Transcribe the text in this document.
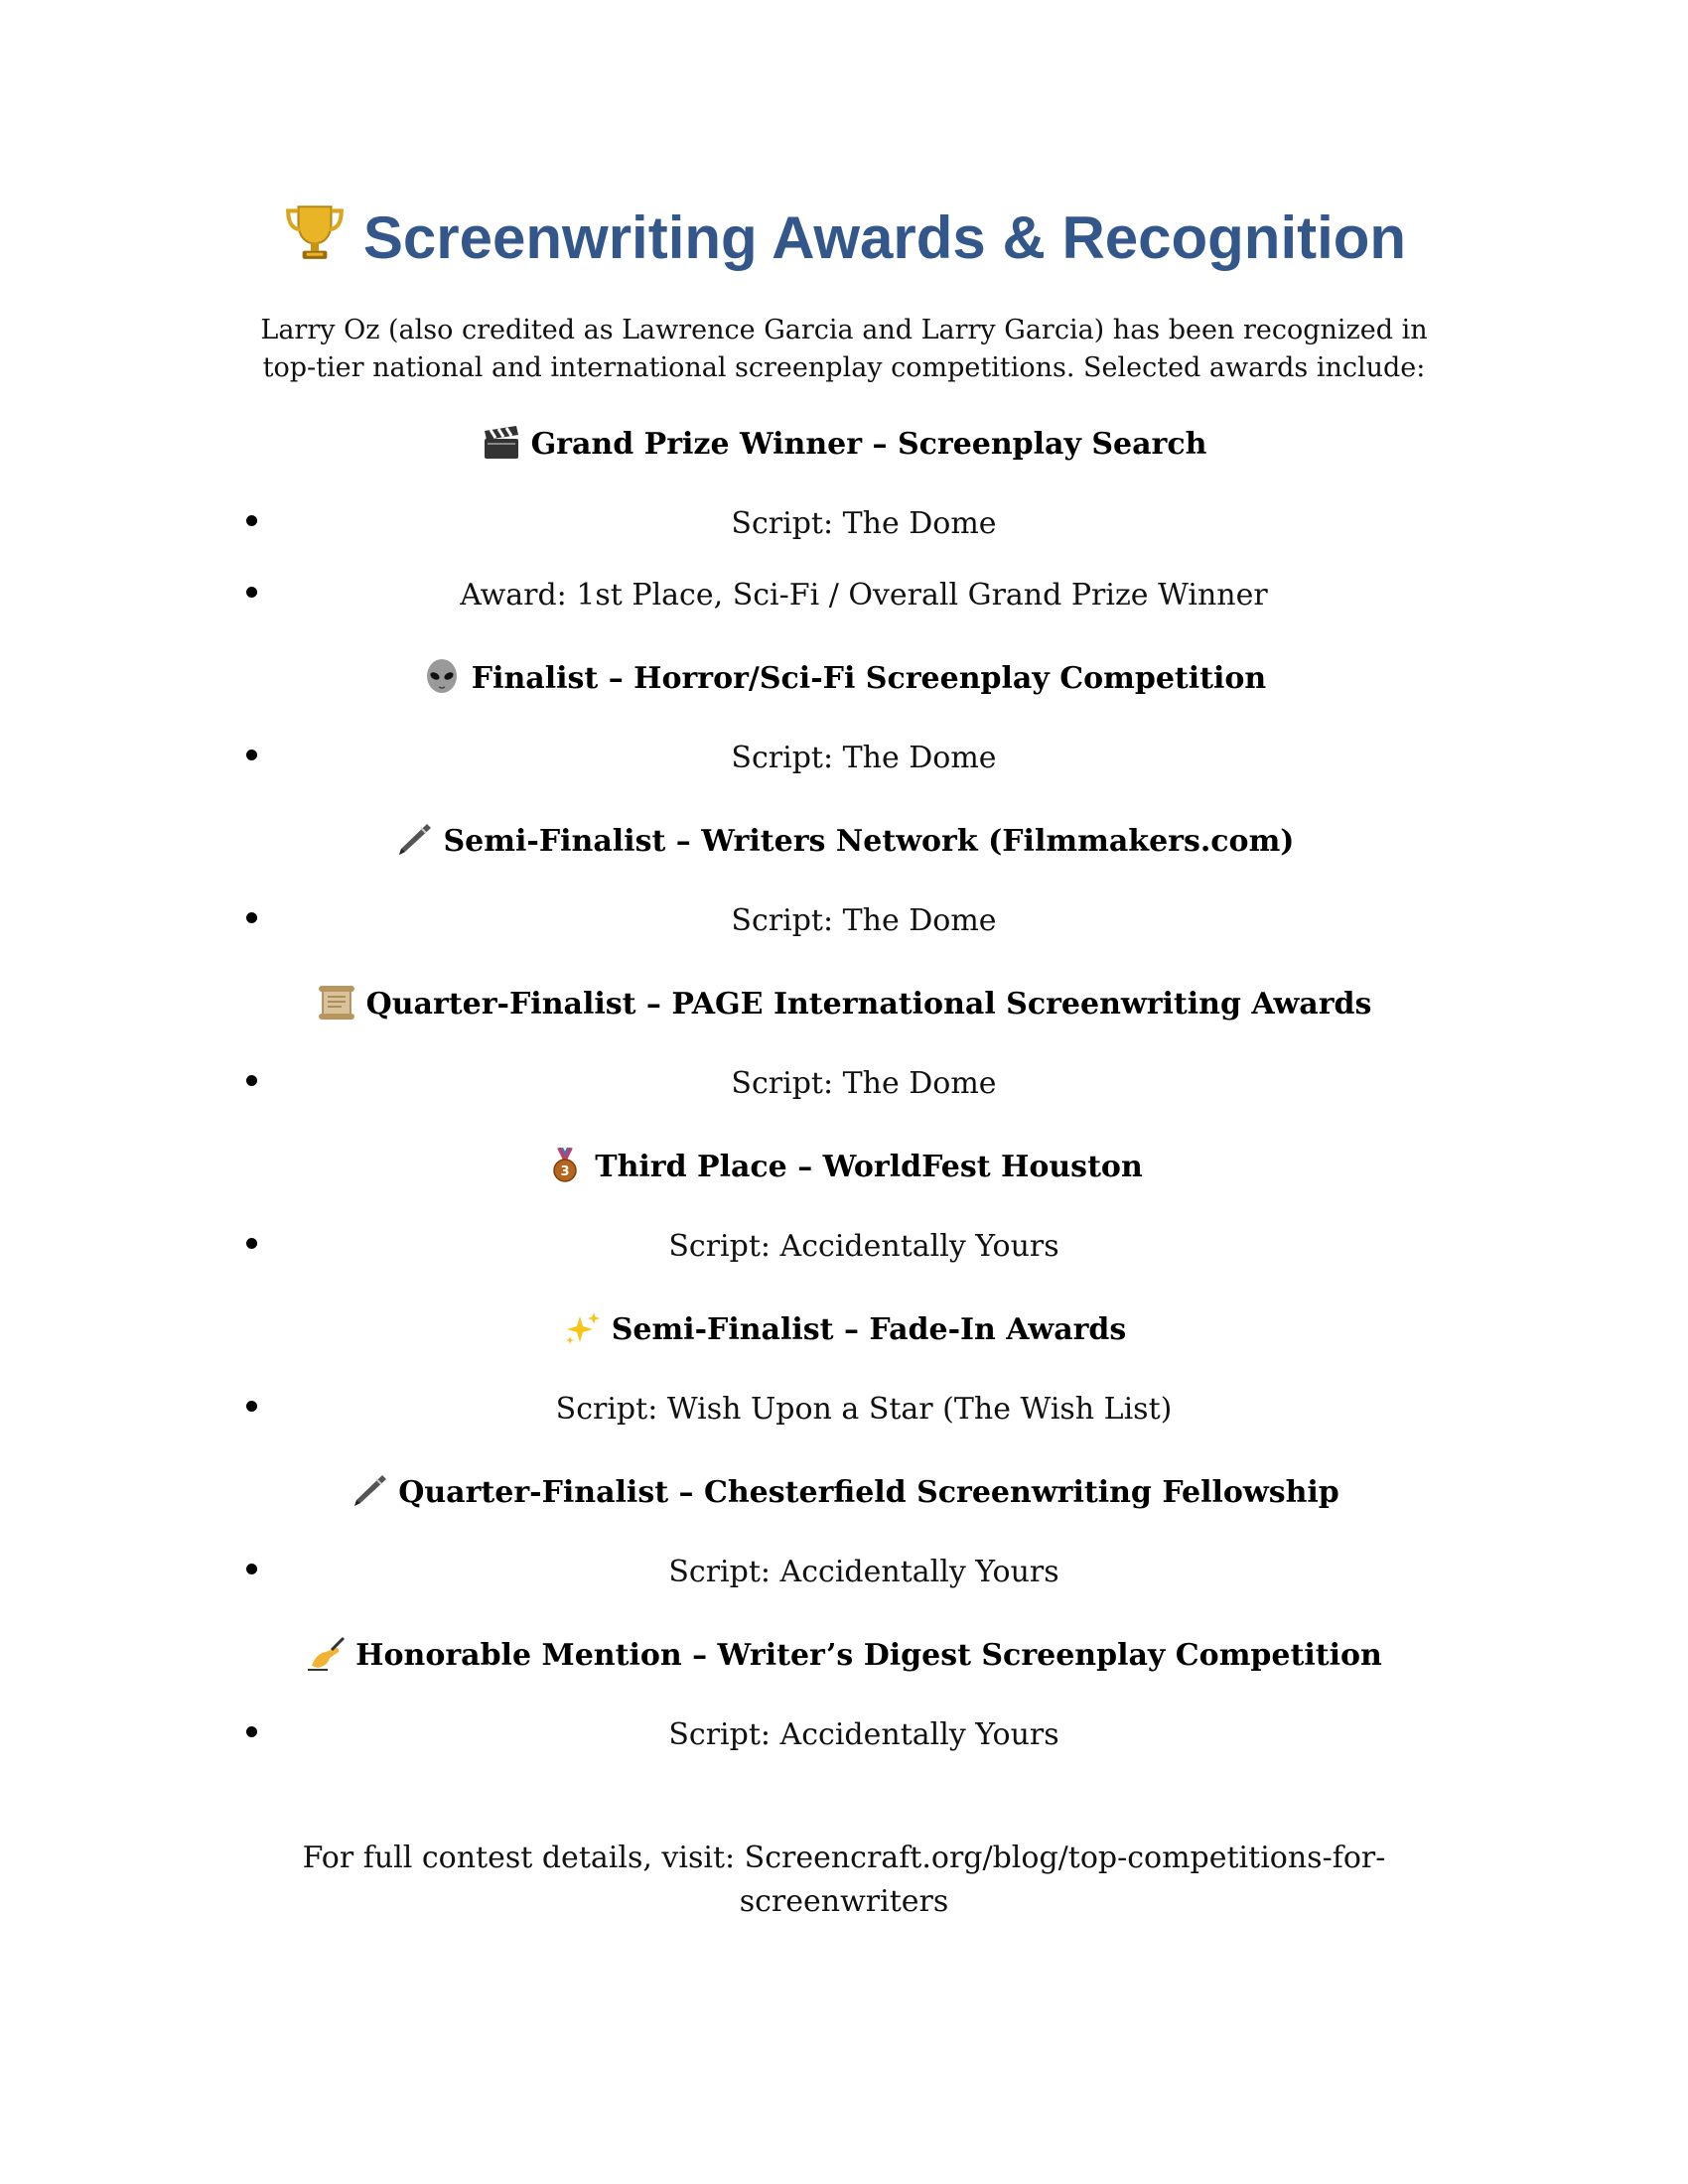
Screenwriting Awards & Recognition
Larry Oz (also credited as Lawrence Garcia and Larry Garcia) has been recognized in top-tier national and international screenplay competitions. Selected awards include:
Grand Prize Winner – Screenplay Search
Script: The Dome
Award: 1st Place, Sci-Fi / Overall Grand Prize Winner
Finalist – Horror/Sci-Fi Screenplay Competition
Script: The Dome
Semi-Finalist – Writers Network (Filmmakers.com)
Script: The Dome
Quarter-Finalist – PAGE International Screenwriting Awards
Script: The Dome
3 Third Place – WorldFest Houston
Script: Accidentally Yours
Semi-Finalist – Fade-In Awards
Script: Wish Upon a Star (The Wish List)
Quarter-Finalist – Chesterfield Screenwriting Fellowship
Script: Accidentally Yours
Honorable Mention – Writer’s Digest Screenplay Competition
Script: Accidentally Yours
For full contest details, visit: Screencraft.org/blog/top-competitions-for-screenwriters
